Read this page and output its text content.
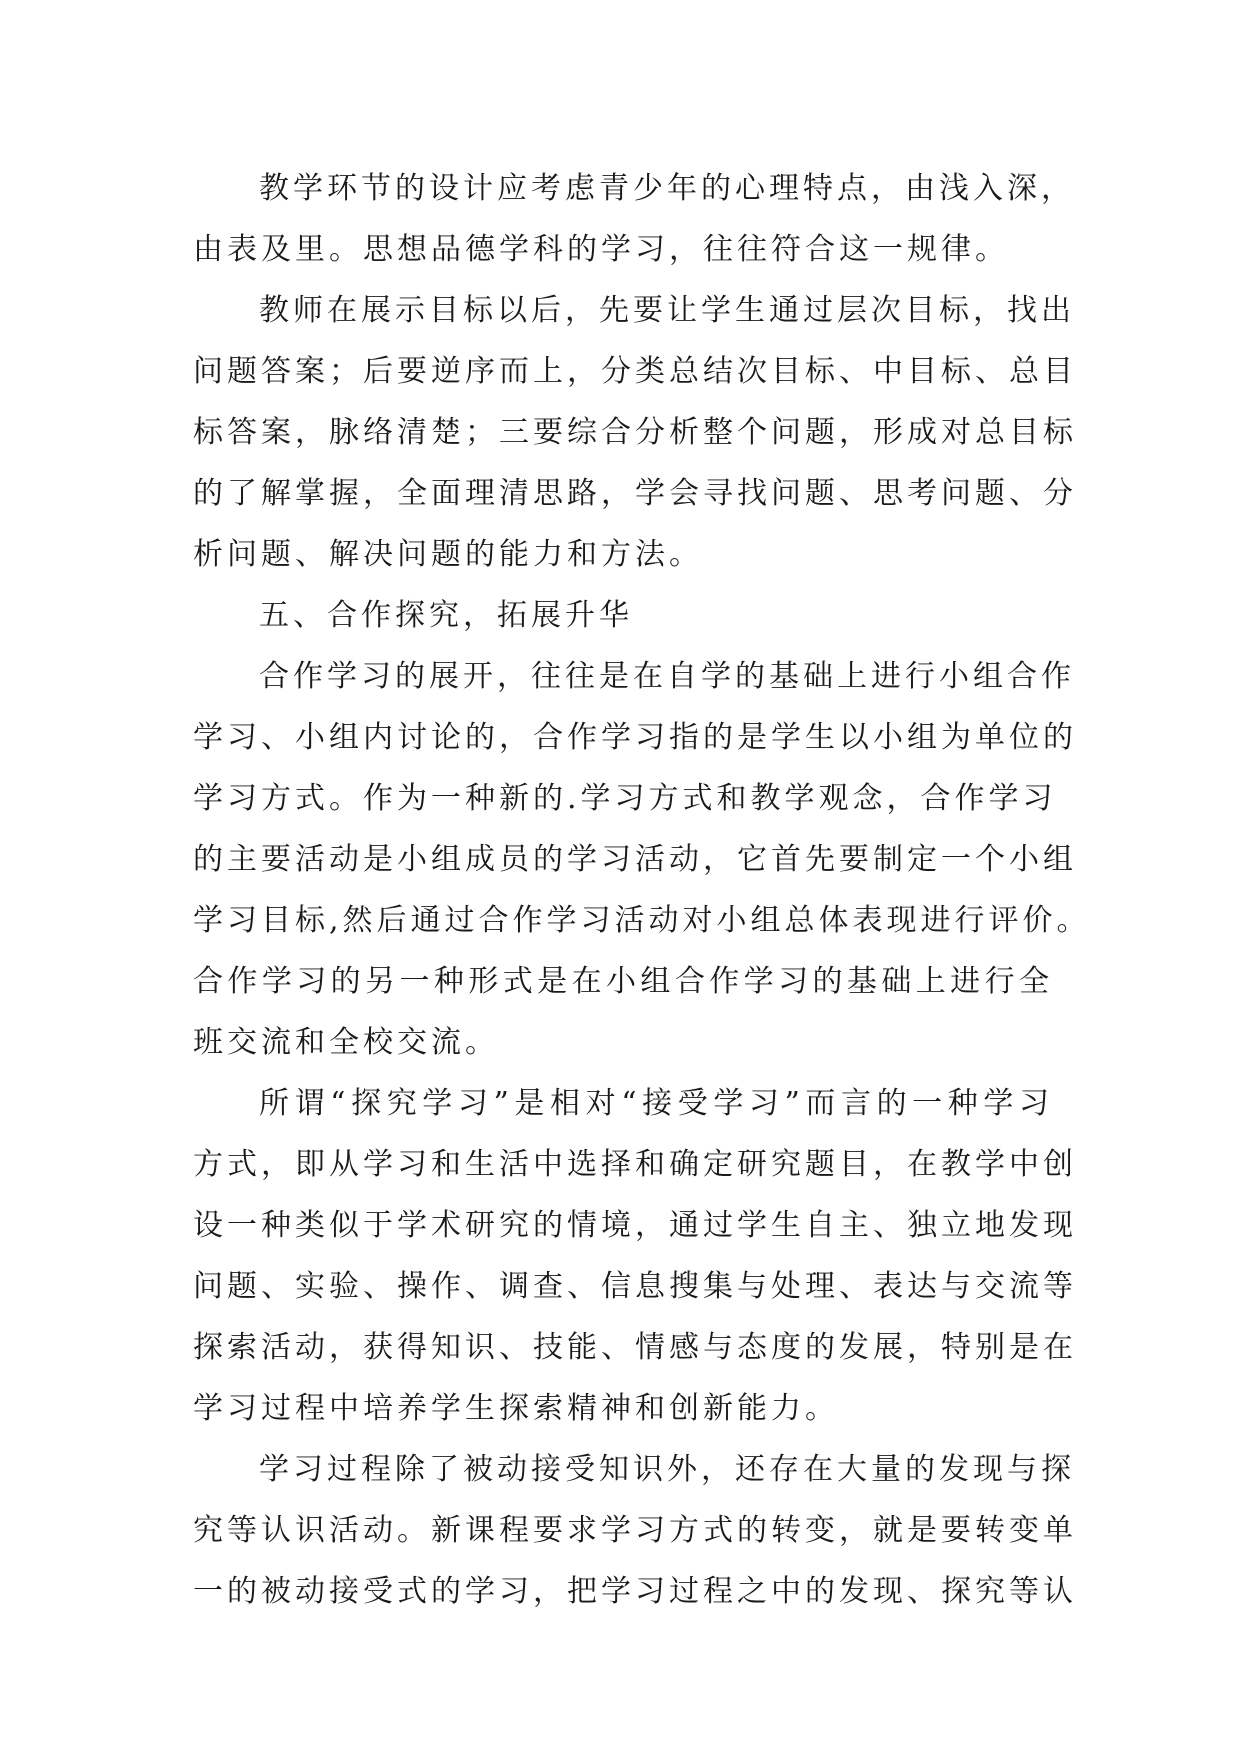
教学环节的设计应考虑青少年的心理特点，由浅入深，
由表及里。思想品德学科的学习，往往符合这一规律。
教师在展示目标以后，先要让学生通过层次目标，找出
问题答案；后要逆序而上，分类总结次目标、中目标、总目
标答案，脉络清楚；三要综合分析整个问题，形成对总目标
的了解掌握，全面理清思路，学会寻找问题、思考问题、分
析问题、解决问题的能力和方法。
五、合作探究，拓展升华
合作学习的展开，往往是在自学的基础上进行小组合作
学习、小组内讨论的，合作学习指的是学生以小组为单位的
学习方式。作为一种新的.学习方式和教学观念，合作学习
的主要活动是小组成员的学习活动，它首先要制定一个小组
学习目标,然后通过合作学习活动对小组总体表现进行评价。
合作学习的另一种形式是在小组合作学习的基础上进行全
班交流和全校交流。
所谓“探究学习”是相对“接受学习”而言的一种学习
方式，即从学习和生活中选择和确定研究题目，在教学中创
设一种类似于学术研究的情境，通过学生自主、独立地发现
问题、实验、操作、调查、信息搜集与处理、表达与交流等
探索活动，获得知识、技能、情感与态度的发展，特别是在
学习过程中培养学生探索精神和创新能力。
学习过程除了被动接受知识外，还存在大量的发现与探
究等认识活动。新课程要求学习方式的转变，就是要转变单
一的被动接受式的学习，把学习过程之中的发现、探究等认
